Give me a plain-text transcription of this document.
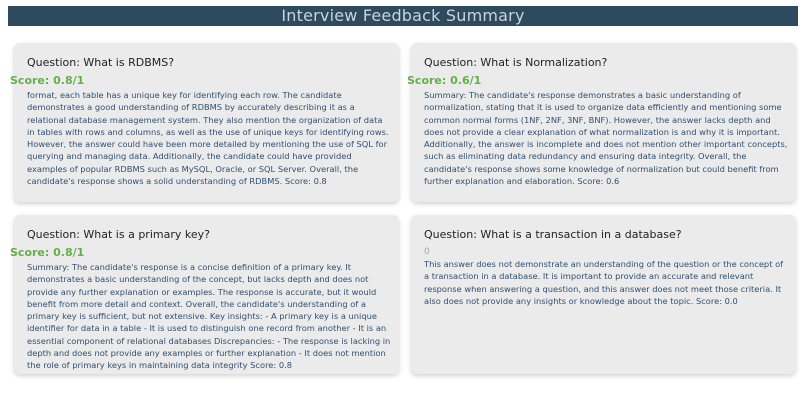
Interview Feedback Summary
Question: What is RDBMS?
Score: 0.8/1
format, each table has a unique key for identifying each row. The candidate demonstrates a good understanding of RDBMS by accurately describing it as a relational database management system. They also mention the organization of data in tables with rows and columns, as well as the use of unique keys for identifying rows. However, the answer could have been more detailed by mentioning the use of SQL for querying and managing data. Additionally, the candidate could have provided examples of popular RDBMS such as MySQL, Oracle, or SQL Server. Overall, the candidate's response shows a solid understanding of RDBMS. Score: 0.8
Question: What is Normalization?
Score: 0.6/1
Summary: The candidate's response demonstrates a basic understanding of normalization, stating that it is used to organize data efficiently and mentioning some common normal forms (1NF, 2NF, 3NF, BNF). However, the answer lacks depth and does not provide a clear explanation of what normalization is and why it is important. Additionally, the answer is incomplete and does not mention other important concepts, such as eliminating data redundancy and ensuring data integrity. Overall, the candidate's response shows some knowledge of normalization but could benefit from further explanation and elaboration. Score: 0.6
Question: What is a primary key?
Score: 0.8/1
Summary: The candidate's response is a concise definition of a primary key. It demonstrates a basic understanding of the concept, but lacks depth and does not provide any further explanation or examples. The response is accurate, but it would benefit from more detail and context. Overall, the candidate's understanding of a primary key is sufficient, but not extensive. Key insights: - A primary key is a unique identifier for data in a table - It is used to distinguish one record from another - It is an essential component of relational databases Discrepancies: - The response is lacking in depth and does not provide any examples or further explanation - It does not mention the role of primary keys in maintaining data integrity Score: 0.8
Question: What is a transaction in a database?
0
This answer does not demonstrate an understanding of the question or the concept of a transaction in a database. It is important to provide an accurate and relevant response when answering a question, and this answer does not meet those criteria. It also does not provide any insights or knowledge about the topic. Score: 0.0
